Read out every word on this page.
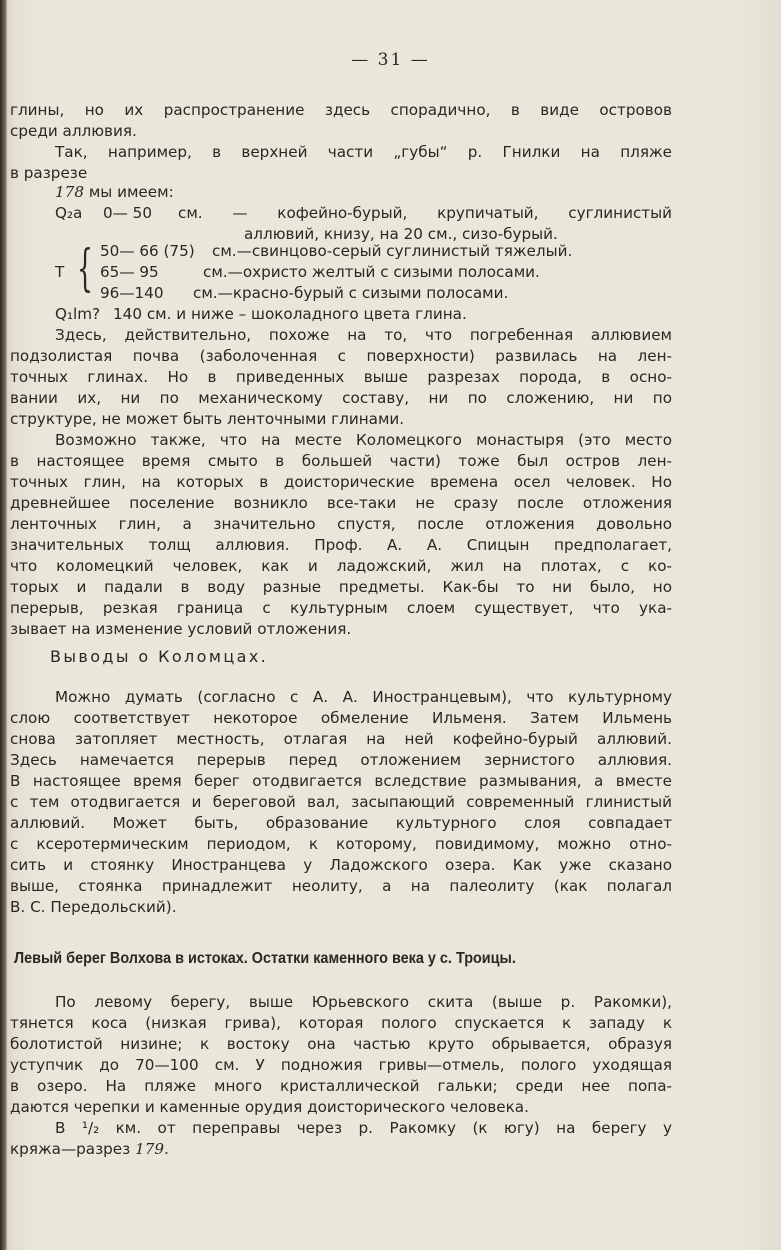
— 31 —
глины, но их распространение здесь спорадично, в виде островов
среди аллювия.
Так, например, в верхней части „губы“ р. Гнилки на пляже
в разрезе
178 мы имеем:
Q₂a 0— 50 см. — кофейно-бурый, крупичатый, суглинистый
аллювий, книзу, на 20 см., сизо-бурый.
T { 50— 66 (75) см.—свинцово-серый суглинистый тяжелый.
65— 95	см.—охристо желтый с сизыми полосами.
96—140 см.—красно-бурый с сизыми полосами.
Q₁lm? 140 см. и ниже – шоколадного цвета глина.
Здесь, действительно, похоже на то, что погребенная аллювием
подзолистая почва (заболоченная с поверхности) развилась на лен-
точных глинах. Но в приведенных выше разрезах порода, в осно-
вании их, ни по механическому составу, ни по сложению, ни по
структуре, не может быть ленточными глинами.
Возможно также, что на месте Коломецкого монастыря (это место
в настоящее время смыто в большей части) тоже был остров лен-
точных глин, на которых в доисторические времена осел человек. Но
древнейшее поселение возникло все-таки не сразу после отложения
ленточных глин, а значительно спустя, после отложения довольно
значительных толщ аллювия. Проф. А. А. Спицын предполагает,
что коломецкий человек, как и ладожский, жил на плотах, с ко-
торых и падали в воду разные предметы. Как-бы то ни было, но
перерыв, резкая граница с культурным слоем существует, что ука-
зывает на изменение условий отложения.
Выводы о Коломцах.
Можно думать (согласно с А. А. Иностранцевым), что культурному
слою соответствует некоторое обмеление Ильменя. Затем Ильмень
снова затопляет местность, отлагая на ней кофейно-бурый аллювий.
Здесь намечается перерыв перед отложением зернистого аллювия.
В настоящее время берег отодвигается вследствие размывания, а вместе
с тем отодвигается и береговой вал, засыпающий современный глинистый
аллювий. Может быть, образование культурного слоя совпадает
с ксеротермическим периодом, к которому, повидимому, можно отно-
сить и стоянку Иностранцева у Ладожского озера. Как уже сказано
выше, стоянка принадлежит неолиту, а на палеолиту (как полагал
В. С. Передольский).
Левый берег Волхова в истоках. Остатки каменного века у с. Троицы.
По левому берегу, выше Юрьевского скита (выше р. Ракомки),
тянется коса (низкая грива), которая полого спускается к западу к
болотистой низине; к востоку она частью круто обрывается, образуя
уступчик до 70—100 см. У подножия гривы—отмель, полого уходящая
в озеро. На пляже много кристаллической гальки; среди нее попа-
даются черепки и каменные орудия доисторического человека.
В ¹/₂ км. от переправы через р. Ракомку (к югу) на берегу у
кряжа—разрез 179.
